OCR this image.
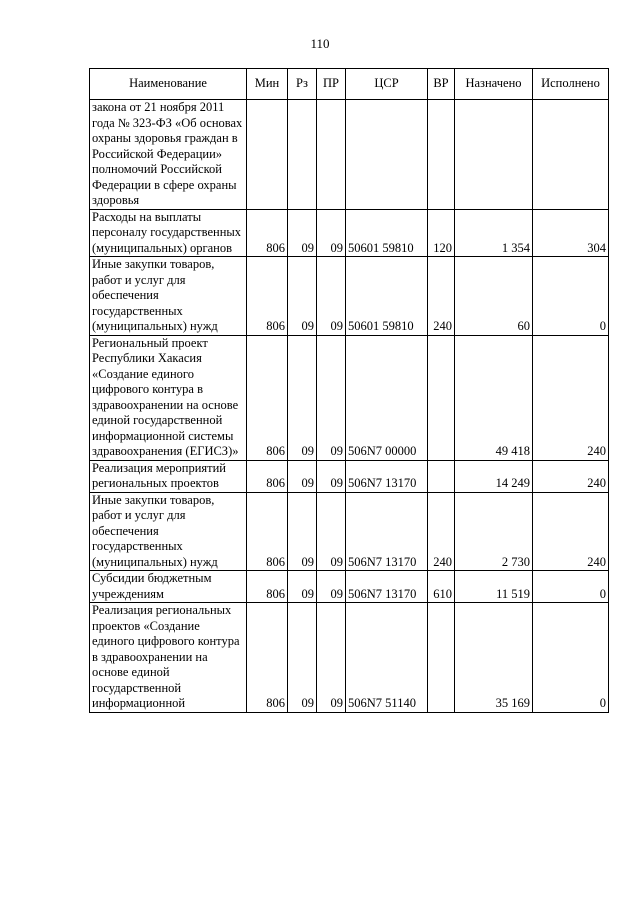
110
Наименование	Мин	Рз	ПР	ЦСР	ВР	Назначено	Исполнено
закона от 21 ноября 2011 года № 323-ФЗ «Об основах охраны здоровья граждан в Российской Федерации» полномочий Российской Федерации в сфере охраны здоровья							
Расходы на выплаты персоналу государственных (муниципальных) органов	806	09	09	50601 59810	120	1 354	304
Иные закупки товаров, работ и услуг для обеспечения государственных (муниципальных) нужд	806	09	09	50601 59810	240	60	0
Региональный проект Республики Хакасия «Создание единого цифрового контура в здравоохранении на основе единой государственной информационной системы здравоохранения (ЕГИСЗ)»	806	09	09	506N7 00000		49 418	240
Реализация мероприятий региональных проектов	806	09	09	506N7 13170		14 249	240
Иные закупки товаров, работ и услуг для обеспечения государственных (муниципальных) нужд	806	09	09	506N7 13170	240	2 730	240
Субсидии бюджетным учреждениям	806	09	09	506N7 13170	610	11 519	0
Реализация региональных проектов «Создание единого цифрового контура в здравоохранении на основе единой государственной информационной	806	09	09	506N7 51140		35 169	0
